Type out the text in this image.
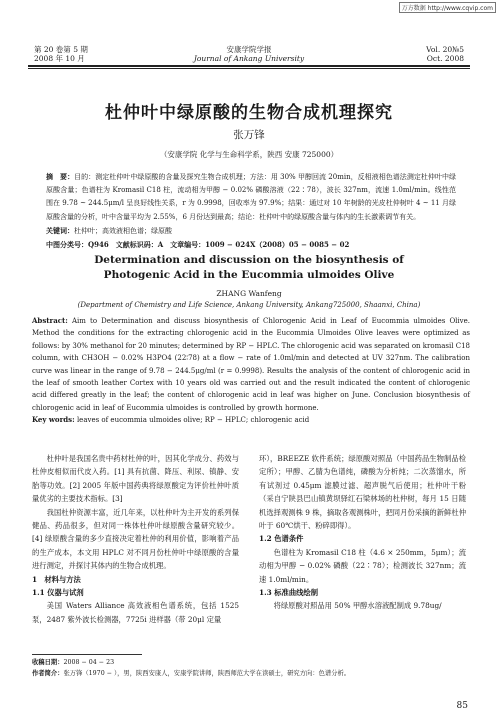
万方数据 http://www.cqvip.com
第 20 卷第 5 期
2008 年 10 月
安康学院学报
Journal of Ankang University
Vol. 20№5
Oct. 2008
杜仲叶中绿原酸的生物合成机理探究
张万锋
（安康学院 化学与生命科学系，陕西 安康 725000）
摘　要：目的：测定杜仲叶中绿原酸的含量及探究生物合成机理；方法：用 30% 甲醇回流 20min，反相液相色谱法测定杜仲叶中绿原酸含量；色谱柱为 Kromasil C18 柱，流动相为甲醇 − 0.02% 磷酸溶液（22∶78），波长 327nm，流速 1.0ml/min。线性范围在 9.78 ~ 244.5μm/l 呈良好线性关系，r 为 0.9998，回收率为 97.9%；结果：通过对 10 年树龄的光皮杜仲树叶 4 ~ 11 月绿原酸含量的分析，叶中含量平均为 2.55%，6 月份达到最高；结论：杜仲叶中的绿原酸含量与体内的生长激素调节有关。
关键词：杜仲叶；高效液相色谱；绿原酸
中图分类号：Q946　文献标识码：A　文章编号：1009 − 024X（2008）05 − 0085 − 02
Determination and discussion on the biosynthesis of
Photogenic Acid in the Eucommia ulmoides Olive
ZHANG Wanfeng
(Department of Chemistry and Life Science, Ankang University, Ankang725000, Shaanxi, China)
Abstract: Aim to Determination and discuss biosynthesis of Chlorogenic Acid in Leaf of Eucommia ulmoides Olive. Method the conditions for the extracting chlorogenic acid in the Eucommia Ulmoides Olive leaves were optimized as follows: by 30% methanol for 20 minutes; determined by RP − HPLC. The chlorogenic acid was separated on kromasil C18 column, with CH3OH − 0.02% H3PO4 (22∶78) at a flow − rate of 1.0ml/min and detected at UV 327nm. The calibration curve was linear in the range of 9.78 − 244.5μg/ml (r = 0.9998). Results the analysis of the content of chlorogenic acid in the leaf of smooth leather Cortex with 10 years old was carried out and the result indicated the content of chlorogenic acid differed greatly in the leaf; the content of chlorogenic acid in leaf was higher on June. Conclusion biosynthesis of chlorogenic acid in leaf of Eucommia ulmoides is controlled by growth hormone.
Key words: leaves of eucommia ulmoides olive; RP − HPLC; chlorogenic acid

杜仲叶是我国名贵中药材杜仲的叶，因其化学成分、药效与杜仲皮相似而代皮入药。[1] 具有抗菌、降压、利尿、镇静、安胎等功效。[2] 2005 年版中国药典将绿原酸定为评价杜仲叶质量优劣的主要技术指标。[3]

我国杜仲资源丰富，近几年来，以杜仲叶为主开发的系列保健品、药品很多，但对同一株体杜仲叶绿原酸含量研究较少。[4] 绿原酸含量的多少直接决定着杜仲的利用价值，影响着产品的生产成本，本文用 HPLC 对不同月份杜仲叶中绿原酸的含量进行测定，并探讨其体内的生物合成机理。

1　材料与方法
1.1 仪器与试剂

美国 Waters Alliance 高效液相色谱系统，包括 1525 泵，2487 紫外波长检测器，7725i 进样器（带 20μl 定量

环），BREEZE 软件系统；绿原酸对照品（中国药品生物制品检定所）；甲醇、乙腈为色谱纯，磷酸为分析纯；二次蒸馏水，所有试剂过 0.45μm 滤膜过滤、超声脱气后使用；杜仲叶干粉（采自宁陕县巴山镇黄坝驿红石梁林场的杜仲树，每月 15 日随机选择观测株 9 株，摘取各观测株叶，把同月份采摘的新鲜杜仲叶于 60℃烘干、粉碎即得）。

1.2 色谱条件

色谱柱为 Kromasil C18 柱（4.6 × 250mm，5μm）；流动相为甲醇 − 0.02% 磷酸（22∶78）；检测波长 327nm；流速 1.0ml/min。

1.3 标准曲线绘制

将绿原酸对照品用 50% 甲醇水溶液配制成 9.78ug/

收稿日期：2008 − 04 − 23
作者简介：张万锋（1970 − ），男，陕西安康人，安康学院讲师，陕西师范大学在读硕士，研究方向：色谱分析。
85
